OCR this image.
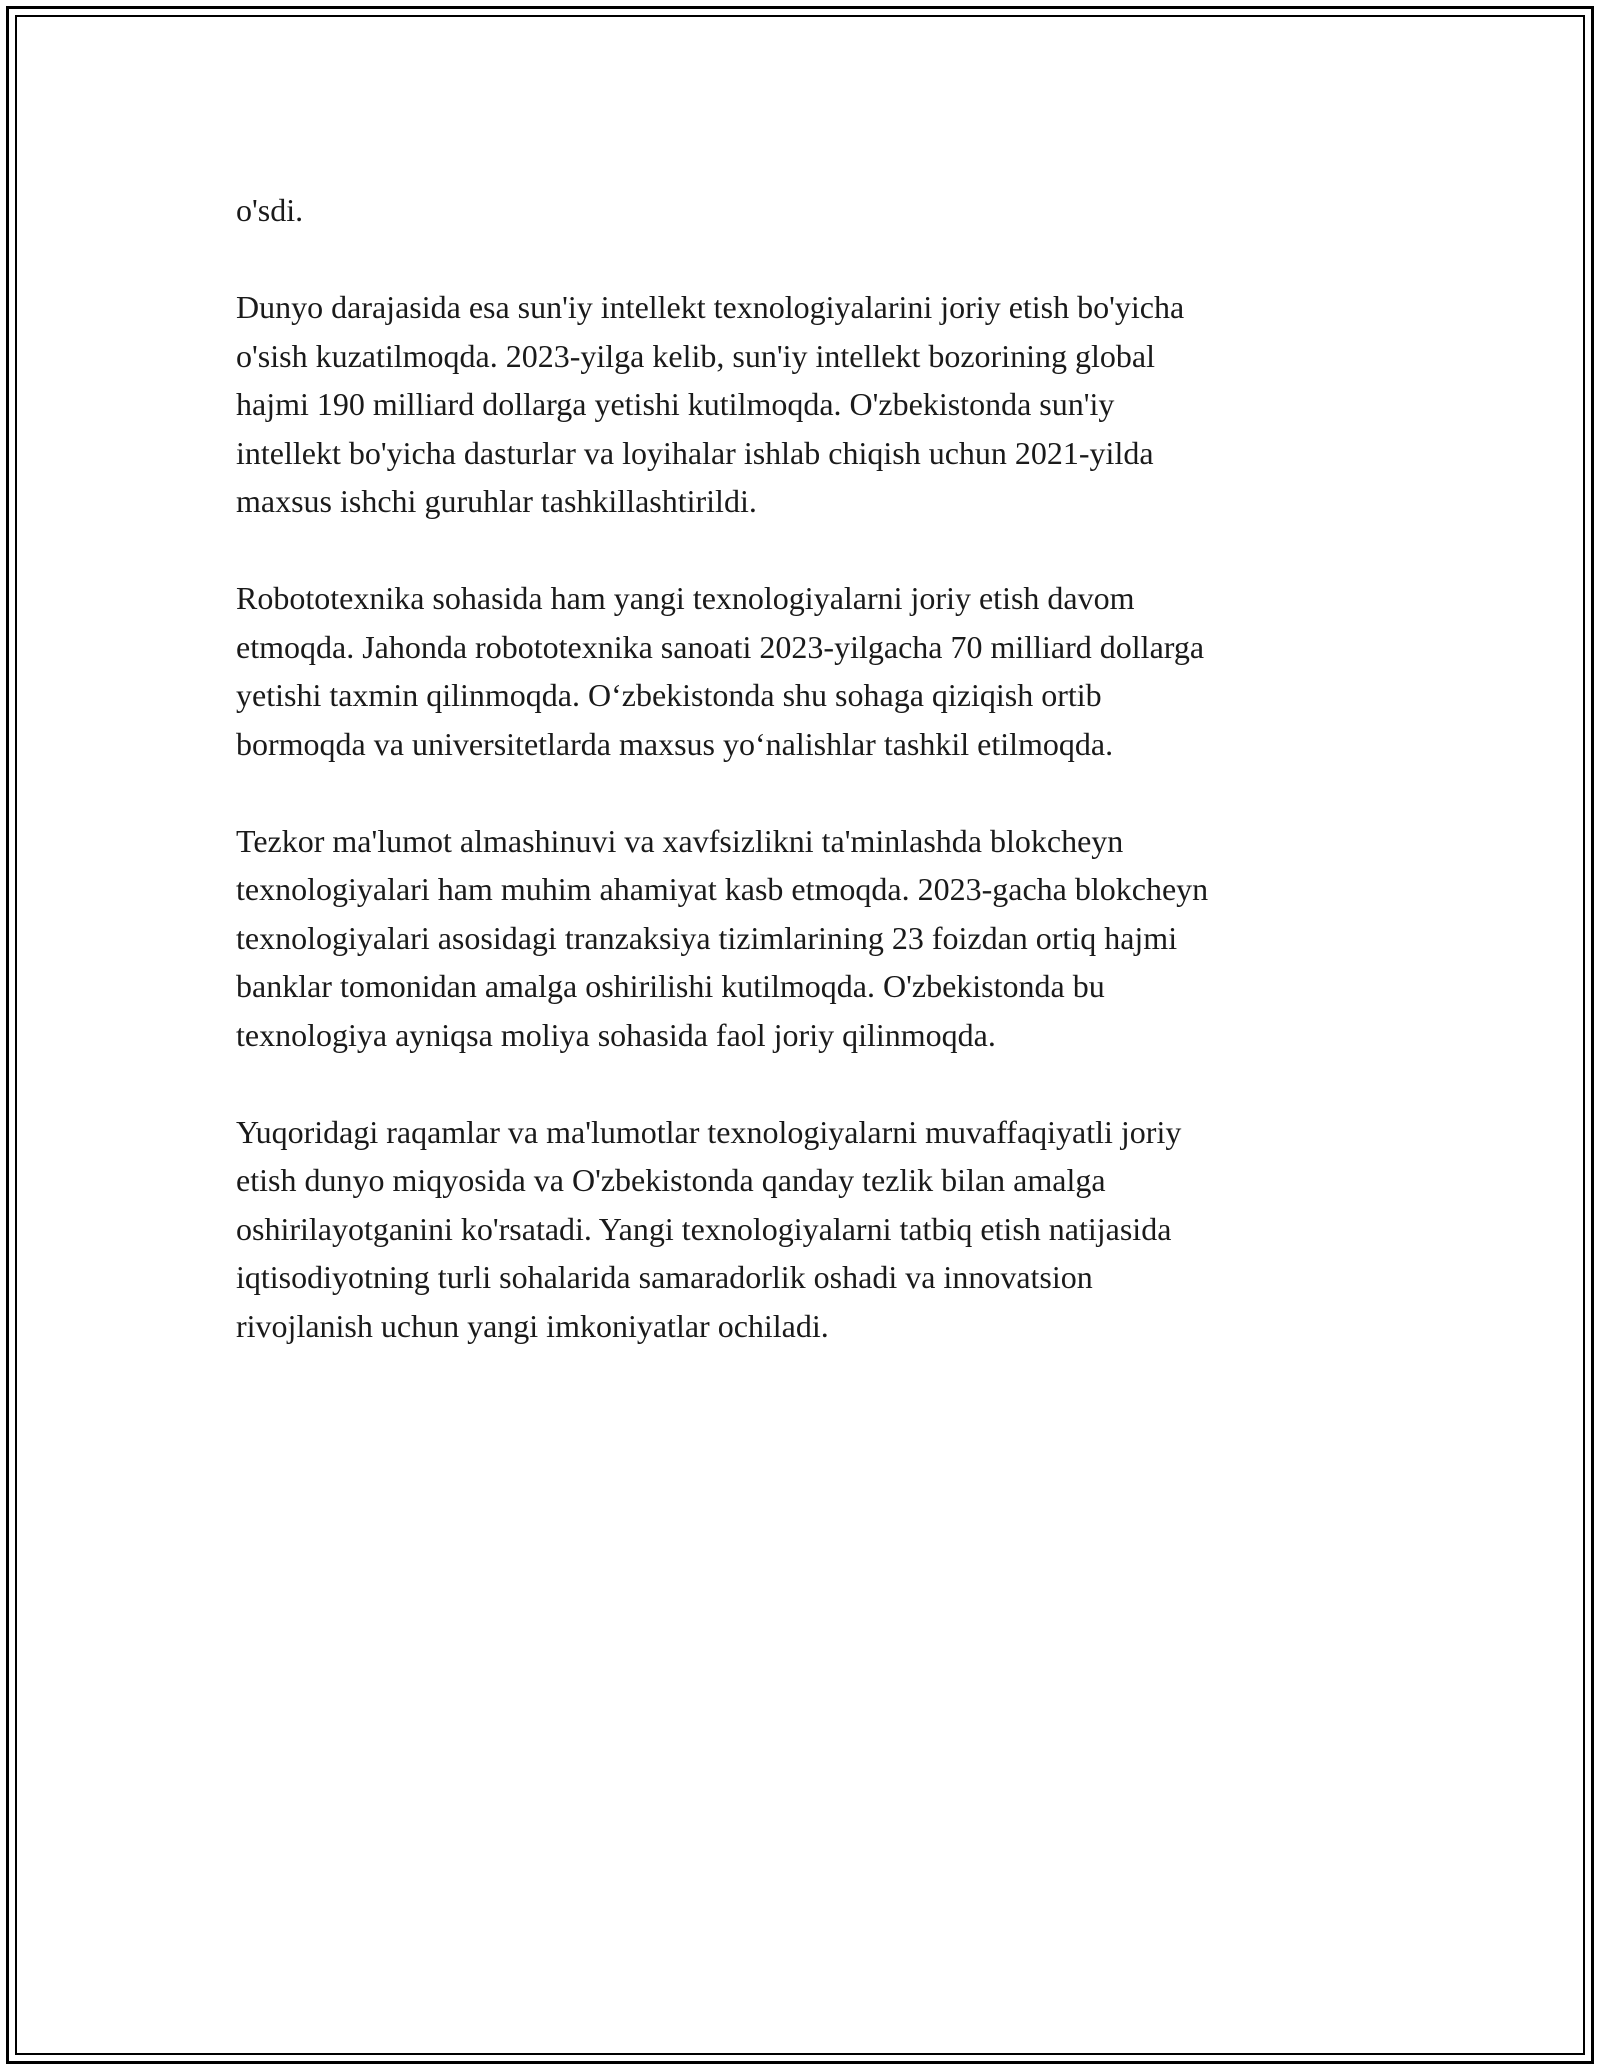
o'sdi.

Dunyo darajasida esa sun'iy intellekt texnologiyalarini joriy etish bo'yicha
o'sish kuzatilmoqda. 2023-yilga kelib, sun'iy intellekt bozorining global
hajmi 190 milliard dollarga yetishi kutilmoqda. O'zbekistonda sun'iy
intellekt bo'yicha dasturlar va loyihalar ishlab chiqish uchun 2021-yilda
maxsus ishchi guruhlar tashkillashtirildi.

Robototexnika sohasida ham yangi texnologiyalarni joriy etish davom
etmoqda. Jahonda robototexnika sanoati 2023-yilgacha 70 milliard dollarga
yetishi taxmin qilinmoqda. O‘zbekistonda shu sohaga qiziqish ortib
bormoqda va universitetlarda maxsus yo‘nalishlar tashkil etilmoqda.

Tezkor ma'lumot almashinuvi va xavfsizlikni ta'minlashda blokcheyn
texnologiyalari ham muhim ahamiyat kasb etmoqda. 2023-gacha blokcheyn
texnologiyalari asosidagi tranzaksiya tizimlarining 23 foizdan ortiq hajmi
banklar tomonidan amalga oshirilishi kutilmoqda. O'zbekistonda bu
texnologiya ayniqsa moliya sohasida faol joriy qilinmoqda.

Yuqoridagi raqamlar va ma'lumotlar texnologiyalarni muvaffaqiyatli joriy
etish dunyo miqyosida va O'zbekistonda qanday tezlik bilan amalga
oshirilayotganini ko'rsatadi. Yangi texnologiyalarni tatbiq etish natijasida
iqtisodiyotning turli sohalarida samaradorlik oshadi va innovatsion
rivojlanish uchun yangi imkoniyatlar ochiladi.
